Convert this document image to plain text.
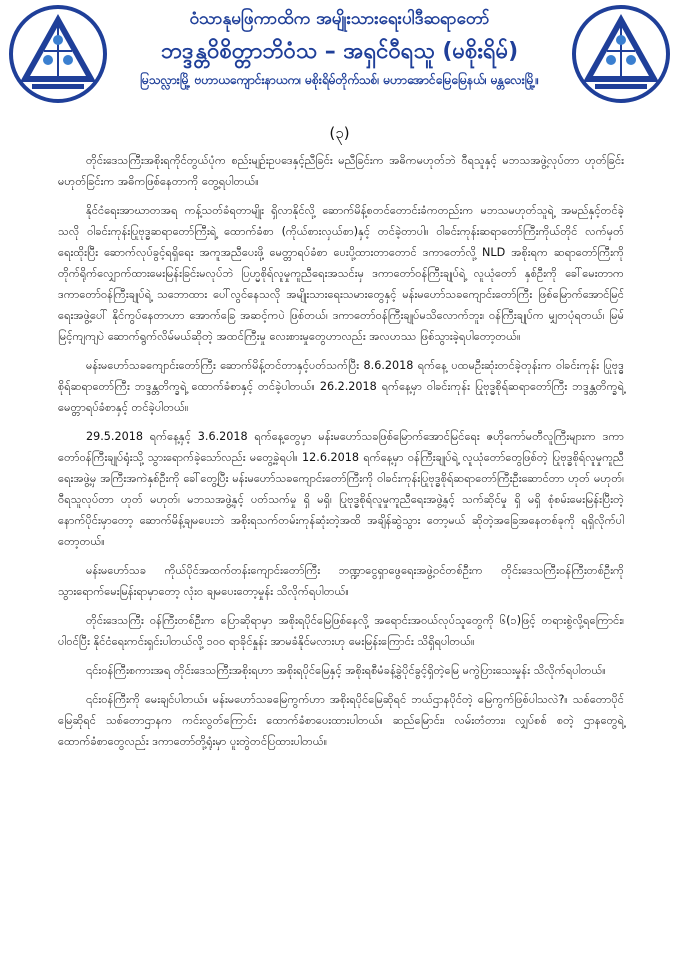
ဝံသာနုမဖြကာထိက အမျိုးသားရေးပါဒီဆရာတော်
ဘဒ္ဒန္တဝိစိတ္တာဘိဝံသ – အရှင်ဝီရသူ (မစိုးရိမ်)
မြသလ္လားမြို့ ဗဟာယကျောင်းနာယက၊ မစိုးရိမ်တိုက်သစ်၊ မဟာအောင်မြေမြေနယ်၊ မန္တလေးမြို့။
(၃)

တိုင်းဒေသကြီးအစိုးရကိုင်တွယ်ပုံက စည်းမျဉ်းဥပဒေနှင့်ညီခြင်း မညီခြင်းက အဓိကမဟုတ်ဘဲ ဝီရသူနှင့် မဘသအဖွဲ့လုပ်တာ ဟုတ်ခြင်း မဟုတ်ခြင်းက အဓိကဖြစ်နေတာကို တွေ့ရပါတယ်။

နိုင်ငံရေးအာဃာတအရ ကန့်သတ်ခံရတာမျိုး ရှိလာနိုင်လို့ ဆောက်မိန့်စတင်တောင်းခံကတည်းက မဘသမဟုတ်သူရဲ့ အမည်နှင့်တင်ခဲ့သလို ဝါခင်းကုန်းပြုဗုဒ္ဓဆရာတော်ကြီးရဲ့ ထောက်ခံစာ (ကိုယ်စားလှယ်စာ)နှင့် တင်ခဲ့တာပါ။ ဝါခင်းကုန်းဆရာတော်ကြီးကိုယ်တိုင် လက်မှတ်ရေးထိုးပြီး ဆောက်လုပ်ခွင့်ရရှိရေး အကူအညီပေးဖို့ မေတ္တာရပ်ခံစာ ပေးပို့ထားတာတောင် ဒကာတော်လို့ NLD အစိုးရက ဆရာတော်ကြီးကို တိုက်ရိုက်လျှောက်ထားမေးမြန်းခြင်းမလုပ်ဘဲ ပြဟ္မစိုရ်လူမှုကူညီရေးအသင်းမှ ဒကာတော်ဝန်ကြီးချုပ်ရဲ့ လူယုံတော် နှစ်ဦးကို ခေါ်မေးတာက ဒကာတော်ဝန်ကြီးချုပ်ရဲ့ သဘောထား ပေါ်လွင်နေသလို အမျိုးသားရေးသမားတွေနှင့် မန်းမဟော်သခကျောင်းတော်ကြီး ဖြစ်မြောက်အောင်မြင်ရေးအဖွဲ့ပေါ် နိုင်ကွပ်နေတာဟာ အောက်ခြေ အဆင့်ကပဲ ဖြစ်တယ်၊ ဒကာတော်ဝန်ကြီးချုပ်မသိလောက်ဘူး၊ ဝန်ကြီးချုပ်က မျှတပုံရတယ်၊ မြမ်မြင့်ကျကျပဲ ဆောက်ရွက်လိမ်မယ်ဆိုတဲ့ အထင်ကြီးမှု လေးစားမှုတွေဟာလည်း အလဟဿ ဖြစ်သွားခဲ့ရပါတော့တယ်။

မန်းမဟော်သခကျောင်းတော်ကြီး ဆောက်မိန့်တင်တာနှင့်ပတ်သက်ပြီး 8.6.2018 ရက်နေ့ ပထမဦးဆုံးတင်ခဲ့တုန်းက ဝါခင်းကုန်း ပြုဗုဒ္ဓစိုရ်ဆရာတော်ကြီး ဘဒ္ဒန္တတိက္ခရဲ့ ထောက်ခံစာနှင့် တင်ခဲ့ပါတယ်။ 26.2.2018 ရက်နေ့မှာ ဝါခင်းကုန်း ပြုဗုဒ္ဓစိုရ်ဆရာတော်ကြီး ဘဒ္ဒန္တတိက္ခရဲ့ မေတ္တာရပ်ခံစာနှင့် တင်ခဲ့ပါတယ်။

29.5.2018 ရက်နေ့နှင့် 3.6.2018 ရက်နေ့တွေမှာ မန်းမဟော်သခဖြစ်မြောက်အောင်မြင်ရေး ဇဟိုကော်မတီလူကြီးများက ဒကာတော်ဝန်ကြီးချုပ်ရုံးသို့ သွားရောက်ခဲ့သော်လည်း မတွေ့ခဲ့ရပါ။ 12.6.2018 ရက်နေ့မှာ ဝန်ကြီးချုပ်ရဲ့ လူယုံတော်တွေဖြစ်တဲ့ ပြုဗုဒ္ဓစိုရ်လူမှုကူညီရေးအဖွဲ့မှ အကြီးအကဲနှစ်ဦးကို ခေါ်တွေ့ပြီး မန်းမဟော်သခကျောင်းတော်ကြီးကို ဝါခင်းကုန်းပြုဗုဒ္ဓစိုရ်ဆရာတော်ကြီးဦးဆောင်တာ ဟုတ် မဟုတ်၊ ဝီရသူလုပ်တာ ဟုတ် မဟုတ်၊ မဘသအဖွဲ့နှင့် ပတ်သက်မှု ရှိ မရှိ၊ ပြုဗုဒ္ဓစိုရ်လူမှုကူညီရေးအဖွဲ့နှင့် သက်ဆိုင်မှု ရှိ မရှိ စုံစမ်းမေးမြန်းပြီးတဲ့နောက်ပိုင်းမှာတော့ ဆောက်မိန့်ချမပေးဘဲ အစိုးရသက်တမ်းကုန်ဆုံးတဲ့အထိ အချိန်ဆွဲသွား တော့မယ် ဆိုတဲ့အခြေအနေတစ်ခုကို ရရှိလိုက်ပါတော့တယ်။

မန်းမဟော်သခ ကိုယ်ပိုင်အထက်တန်းကျောင်းတော်ကြီး ဘဏ္ဍာငွေရှာဖွေရေးအဖွဲ့ဝင်တစ်ဦးက တိုင်းဒေသကြီးဝန်ကြီးတစ်ဦးကို သွားရောက်မေးမြန်းရာမှာတော့ လုံးဝ ချမပေးတော့မှုန်း သိလိုက်ရပါတယ်။

တိုင်းဒေသကြီး ဝန်ကြီးတစ်ဦးက ပြောဆိုရာမှာ အစိုးရပိုင်မြေဖြစ်နေလို့ အရောင်းအဝယ်လုပ်သူတွေကို ၆(၁)ဖြင့် တရားစွဲလို့ရကြောင်း၊ ပါဝင်ပြီး နိုင်ငံရေးကင်းရှင်းပါတယ်လို့ ၁၀၀ ရာခိုင်နှုန်း အာမခံနိုင်မလားဟု မေးမြန်းကြောင်း သိရှိရပါတယ်။

၎င်းဝန်ကြီးစကားအရ တိုင်းဒေသကြီးအစိုးရဟာ အစိုးရပိုင်မြေနှင့် အစိုးရစီမံခန့်ခွဲပိုင်ခွင့်ရှိတဲ့မြေ မကွဲပြားသေးမှုန်း သိလိုက်ရပါတယ်။

၎င်းဝန်ကြီးကို မေးချင်ပါတယ်။ မန်းမဟော်သခမြေကွက်ဟာ အစိုးရပိုင်မြေဆိုရင် ဘယ်ဌာနပိုင်တဲ့ မြေကွက်ဖြစ်ပါသလဲ?။ သစ်တောပိုင်မြေဆိုရင် သစ်တောဌာနက ကင်းလွတ်ကြောင်း ထောက်ခံစာပေးထားပါတယ်။ ဆည်မြောင်း၊ လမ်းတံတား၊ လျှပ်စစ် စတဲ့ ဌာနတွေရဲ့ ထောက်ခံစာတွေလည်း ဒကာတော်တို့ရုံးမှာ ပူးတွဲတင်ပြထားပါတယ်။
